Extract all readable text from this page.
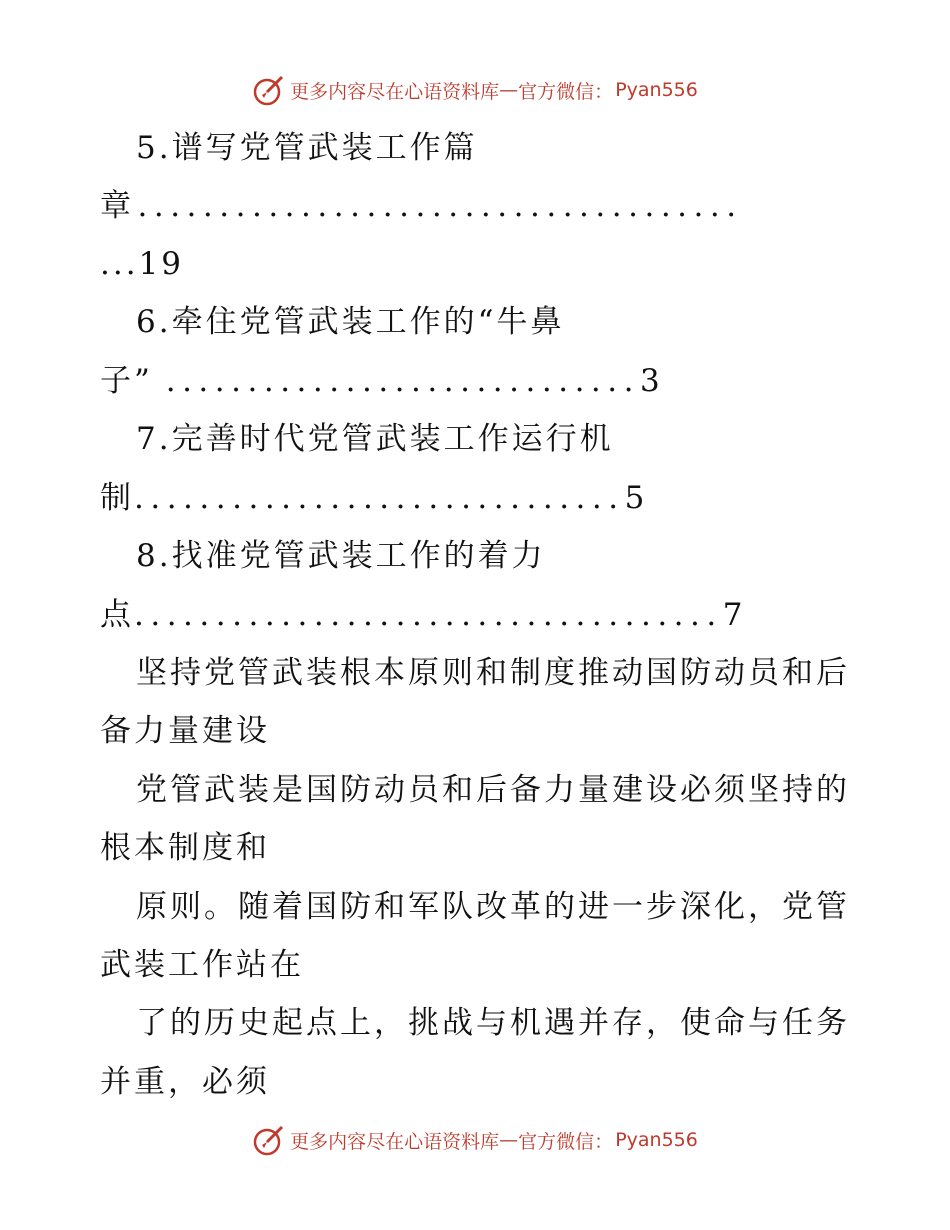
更多内容尽在心语资料库 — 官方微信： Pyan556
5.谱写党管武装工作篇
章.....................................
...19
6.牵住党管武装工作的“牛鼻
子” .............................3
7.完善时代党管武装工作运行机
制..............................5
8.找准党管武装工作的着力
点....................................7
坚持党管武装根本原则和制度推动国防动员和后
备力量建设
党管武装是国防动员和后备力量建设必须坚持的
根本制度和
原则。随着国防和军队改革的进一步深化，党管
武装工作站在
了的历史起点上，挑战与机遇并存，使命与任务
并重，必须
更多内容尽在心语资料库 — 官方微信： Pyan556
